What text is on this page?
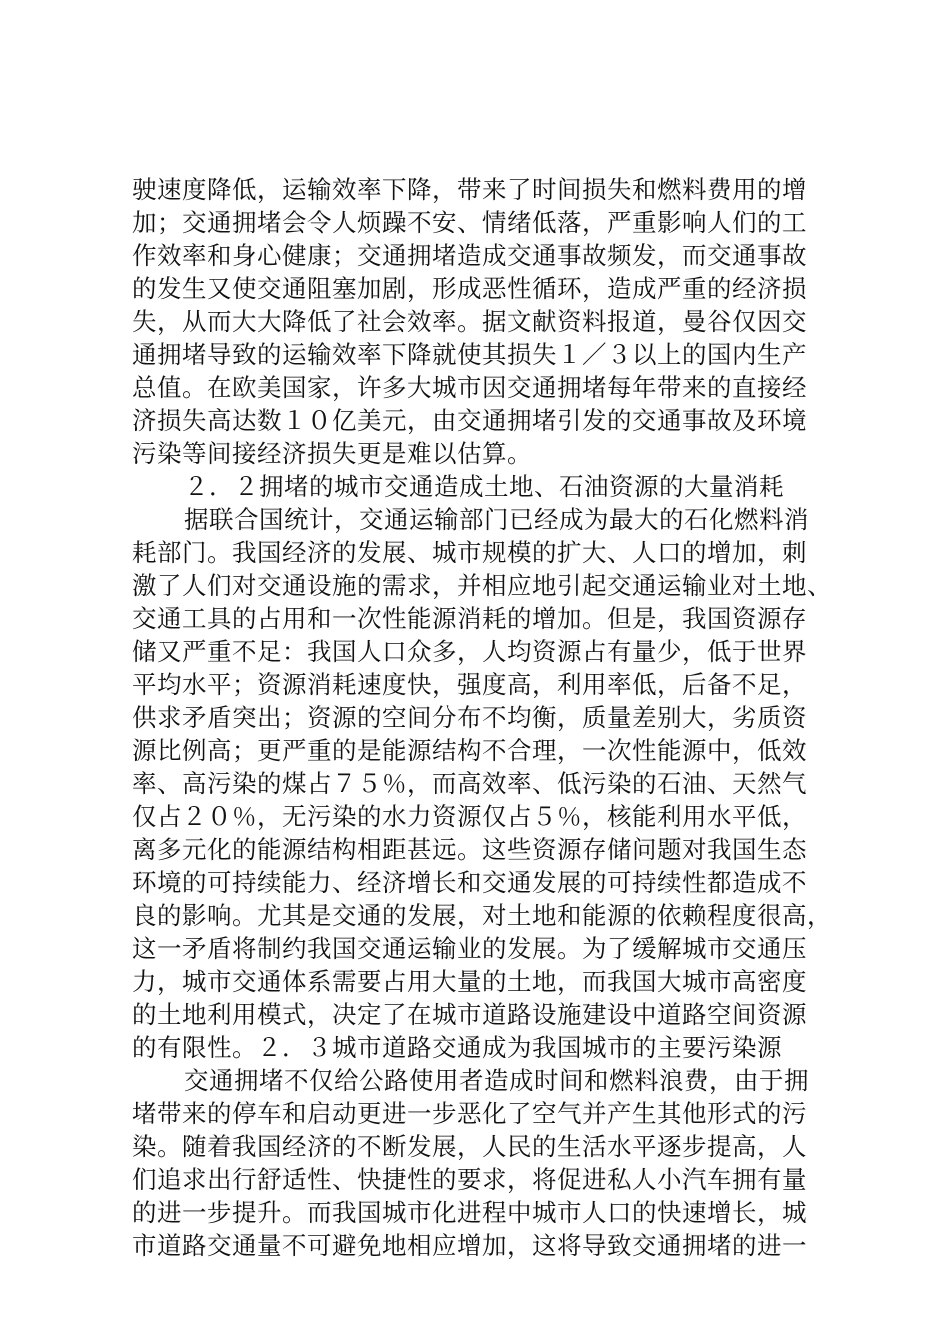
驶速度降低，运输效率下降，带来了时间损失和燃料费用的增
加；交通拥堵会令人烦躁不安、情绪低落，严重影响人们的工
作效率和身心健康；交通拥堵造成交通事故频发，而交通事故
的发生又使交通阻塞加剧，形成恶性循环，造成严重的经济损
失，从而大大降低了社会效率。据文献资料报道，曼谷仅因交
通拥堵导致的运输效率下降就使其损失１／３以上的国内生产
总值。在欧美国家，许多大城市因交通拥堵每年带来的直接经
济损失高达数１０亿美元，由交通拥堵引发的交通事故及环境
污染等间接经济损失更是难以估算。
２．２拥堵的城市交通造成土地、石油资源的大量消耗
据联合国统计，交通运输部门已经成为最大的石化燃料消
耗部门。我国经济的发展、城市规模的扩大、人口的增加，刺
激了人们对交通设施的需求，并相应地引起交通运输业对土地、
交通工具的占用和一次性能源消耗的增加。但是，我国资源存
储又严重不足：我国人口众多，人均资源占有量少，低于世界
平均水平；资源消耗速度快，强度高，利用率低，后备不足，
供求矛盾突出；资源的空间分布不均衡，质量差别大，劣质资
源比例高；更严重的是能源结构不合理，一次性能源中，低效
率、高污染的煤占７５％，而高效率、低污染的石油、天然气
仅占２０％，无污染的水力资源仅占５％，核能利用水平低，
离多元化的能源结构相距甚远。这些资源存储问题对我国生态
环境的可持续能力、经济增长和交通发展的可持续性都造成不
良的影响。尤其是交通的发展，对土地和能源的依赖程度很高，
这一矛盾将制约我国交通运输业的发展。为了缓解城市交通压
力，城市交通体系需要占用大量的土地，而我国大城市高密度
的土地利用模式，决定了在城市道路设施建设中道路空间资源
的有限性。２．３城市道路交通成为我国城市的主要污染源
交通拥堵不仅给公路使用者造成时间和燃料浪费，由于拥
堵带来的停车和启动更进一步恶化了空气并产生其他形式的污
染。随着我国经济的不断发展，人民的生活水平逐步提高，人
们追求出行舒适性、快捷性的要求，将促进私人小汽车拥有量
的进一步提升。而我国城市化进程中城市人口的快速增长，城
市道路交通量不可避免地相应增加，这将导致交通拥堵的进一
